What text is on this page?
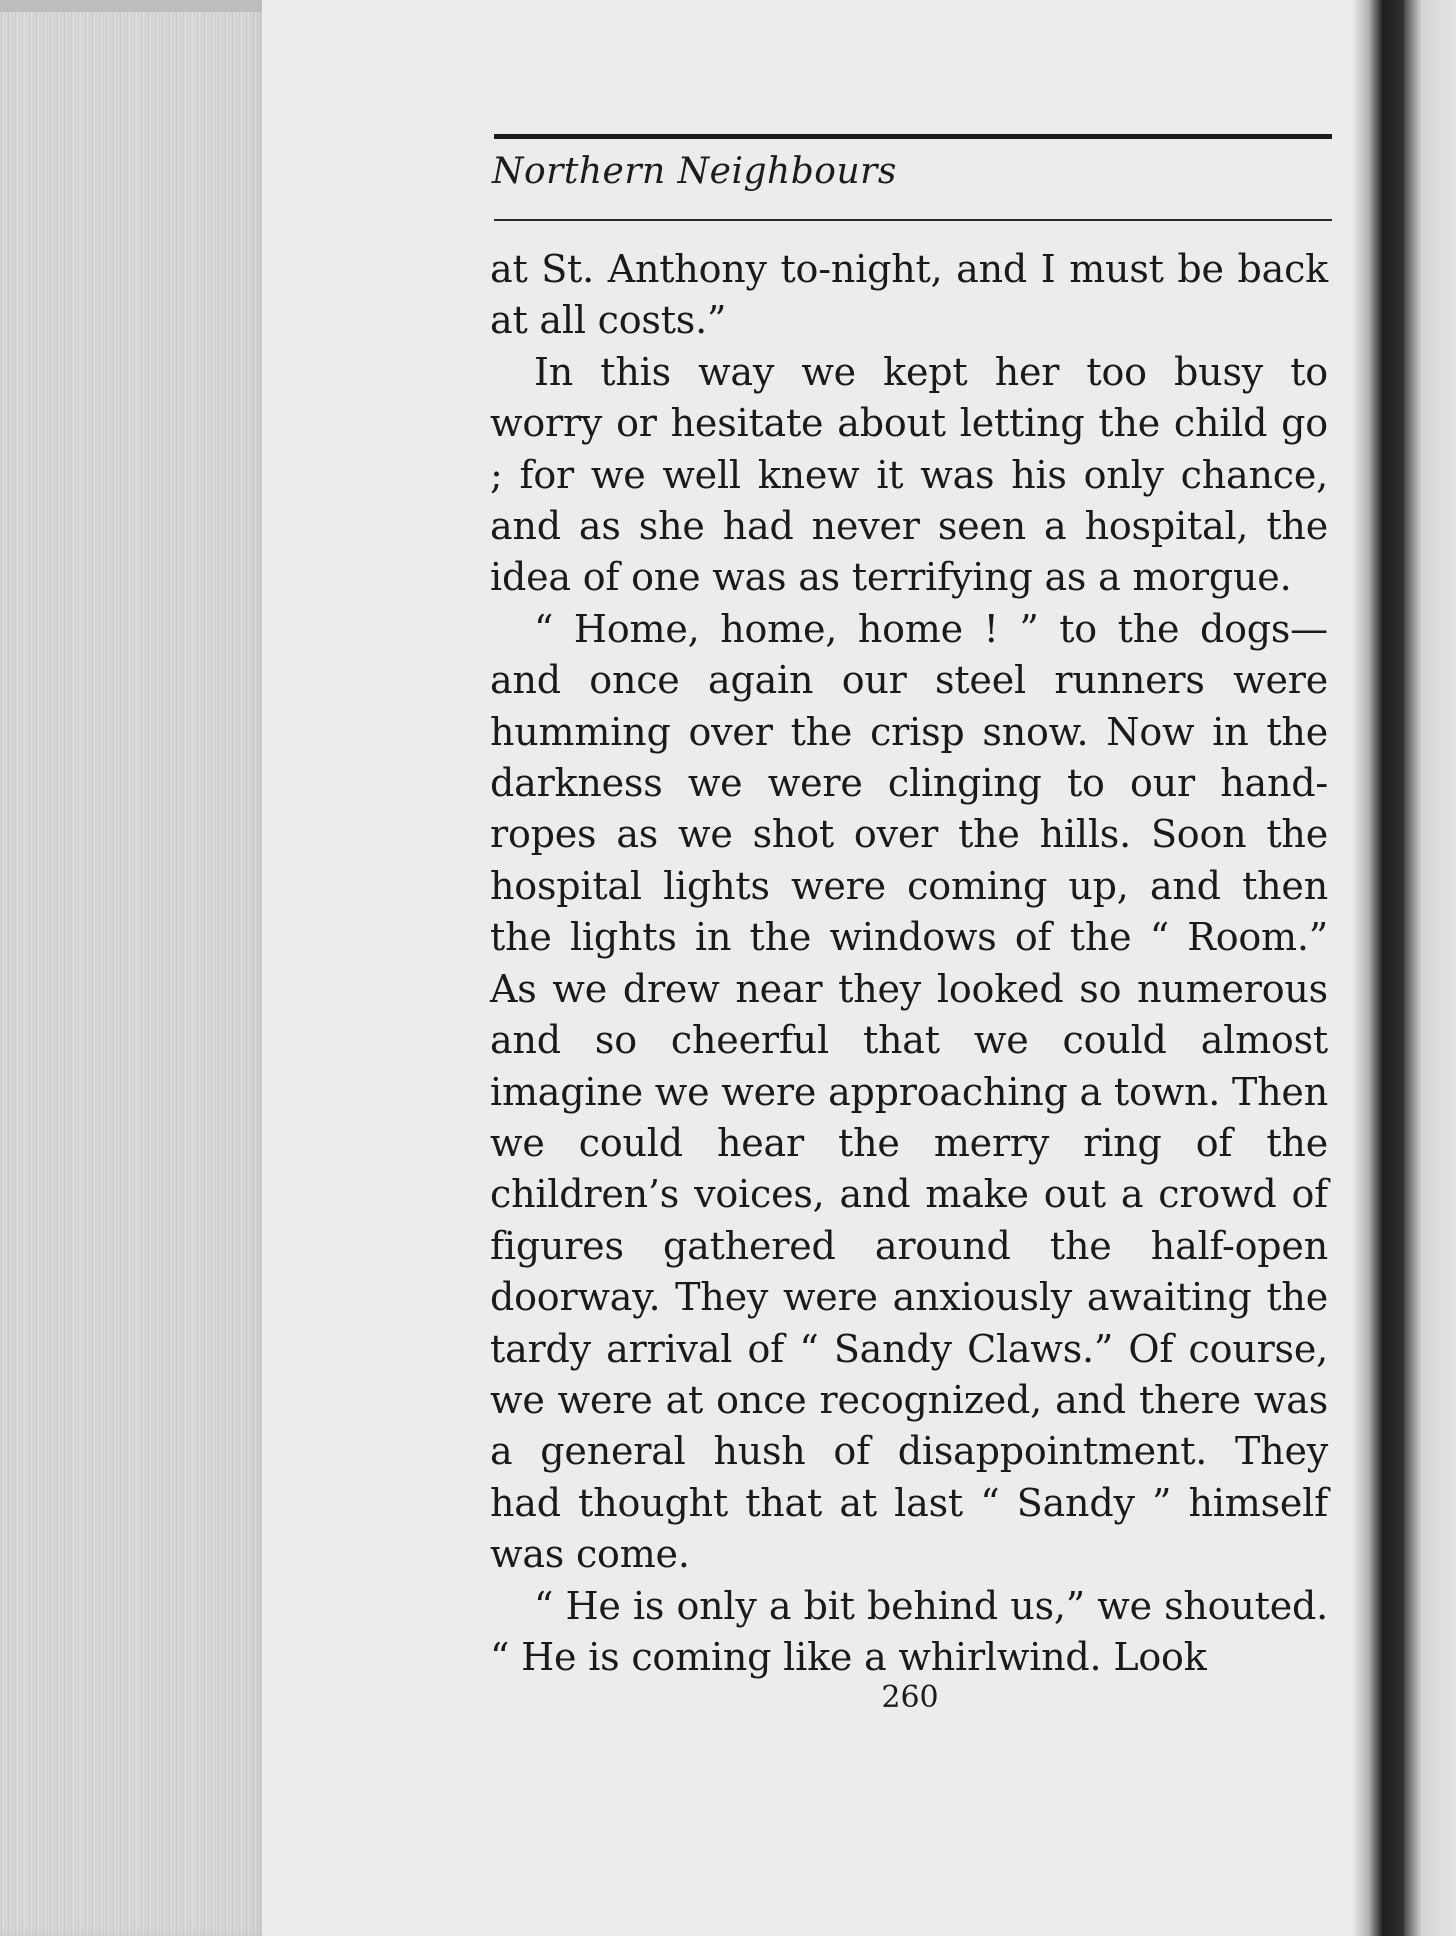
Northern Neighbours

at St. Anthony to-night, and I must be back at all costs.”

In this way we kept her too busy to worry or hesitate about letting the child go ; for we well knew it was his only chance, and as she had never seen a hospital, the idea of one was as terrifying as a morgue.

“ Home, home, home ! ” to the dogs—and once again our steel runners were humming over the crisp snow. Now in the darkness we were clinging to our hand-ropes as we shot over the hills. Soon the hospital lights were coming up, and then the lights in the windows of the “ Room.” As we drew near they looked so numerous and so cheerful that we could almost imagine we were approaching a town. Then we could hear the merry ring of the children’s voices, and make out a crowd of figures gathered around the half-open doorway. They were anxiously awaiting the tardy arrival of “ Sandy Claws.” Of course, we were at once recognized, and there was a general hush of disappointment. They had thought that at last “ Sandy ” himself was come.

“ He is only a bit behind us,” we shouted. “ He is coming like a whirlwind. Look

260
